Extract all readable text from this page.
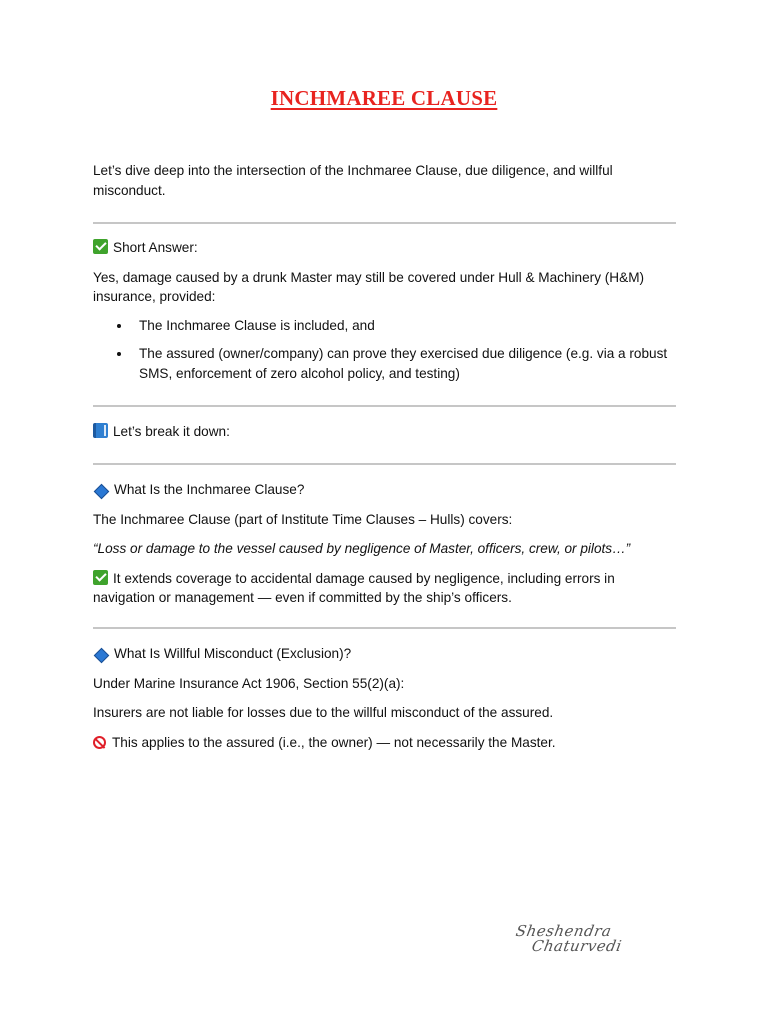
INCHMAREE CLAUSE

Let’s dive deep into the intersection of the Inchmaree Clause, due diligence, and willful misconduct.

Short Answer:

Yes, damage caused by a drunk Master may still be covered under Hull & Machinery (H&M) insurance, provided:

The Inchmaree Clause is included, and
The assured (owner/company) can prove they exercised due diligence (e.g. via a robust SMS, enforcement of zero alcohol policy, and testing)

Let’s break it down:

What Is the Inchmaree Clause?

The Inchmaree Clause (part of Institute Time Clauses – Hulls) covers:

“Loss or damage to the vessel caused by negligence of Master, officers, crew, or pilots…”

It extends coverage to accidental damage caused by negligence, including errors in navigation or management — even if committed by the ship’s officers.

What Is Willful Misconduct (Exclusion)?

Under Marine Insurance Act 1906, Section 55(2)(a):

Insurers are not liable for losses due to the willful misconduct of the assured.

This applies to the assured (i.e., the owner) — not necessarily the Master.

Sheshendra
Chaturvedi
